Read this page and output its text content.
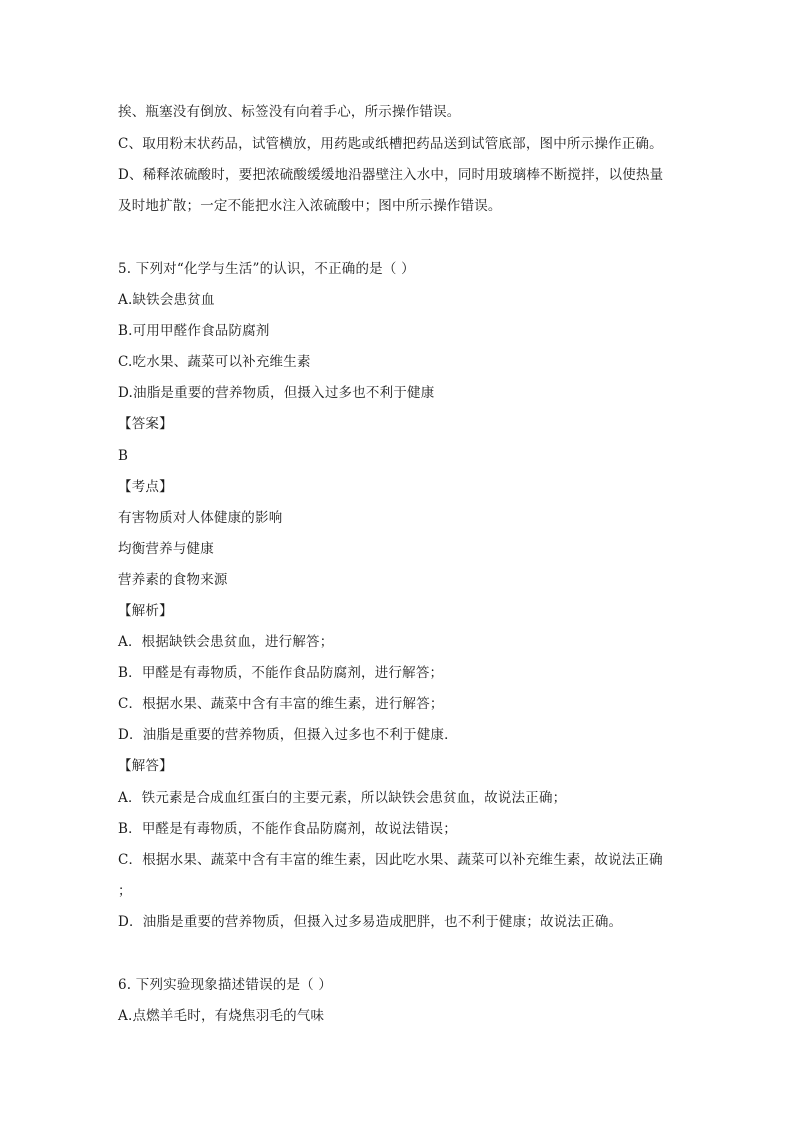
挨、瓶塞没有倒放、标签没有向着手心，所示操作错误。
C、取用粉末状药品，试管横放，用药匙或纸槽把药品送到试管底部，图中所示操作正确。
D、稀释浓硫酸时，要把浓硫酸缓缓地沿器壁注入水中，同时用玻璃棒不断搅拌，以使热量
及时地扩散；一定不能把水注入浓硫酸中；图中所示操作错误。
5. 下列对“化学与生活”的认识，不正确的是（ ）
A.缺铁会患贫血
B.可用甲醛作食品防腐剂
C.吃水果、蔬菜可以补充维生素
D.油脂是重要的营养物质，但摄入过多也不利于健康
【答案】
B
【考点】
有害物质对人体健康的影响
均衡营养与健康
营养素的食物来源
【解析】
A．根据缺铁会患贫血，进行解答；
B．甲醛是有毒物质，不能作食品防腐剂，进行解答；
C．根据水果、蔬菜中含有丰富的维生素，进行解答；
D．油脂是重要的营养物质，但摄入过多也不利于健康．
【解答】
A．铁元素是合成血红蛋白的主要元素，所以缺铁会患贫血，故说法正确；
B．甲醛是有毒物质，不能作食品防腐剂，故说法错误；
C．根据水果、蔬菜中含有丰富的维生素，因此吃水果、蔬菜可以补充维生素，故说法正确
；
D．油脂是重要的营养物质，但摄入过多易造成肥胖，也不利于健康；故说法正确。
6. 下列实验现象描述错误的是（ ）
A.点燃羊毛时，有烧焦羽毛的气味
